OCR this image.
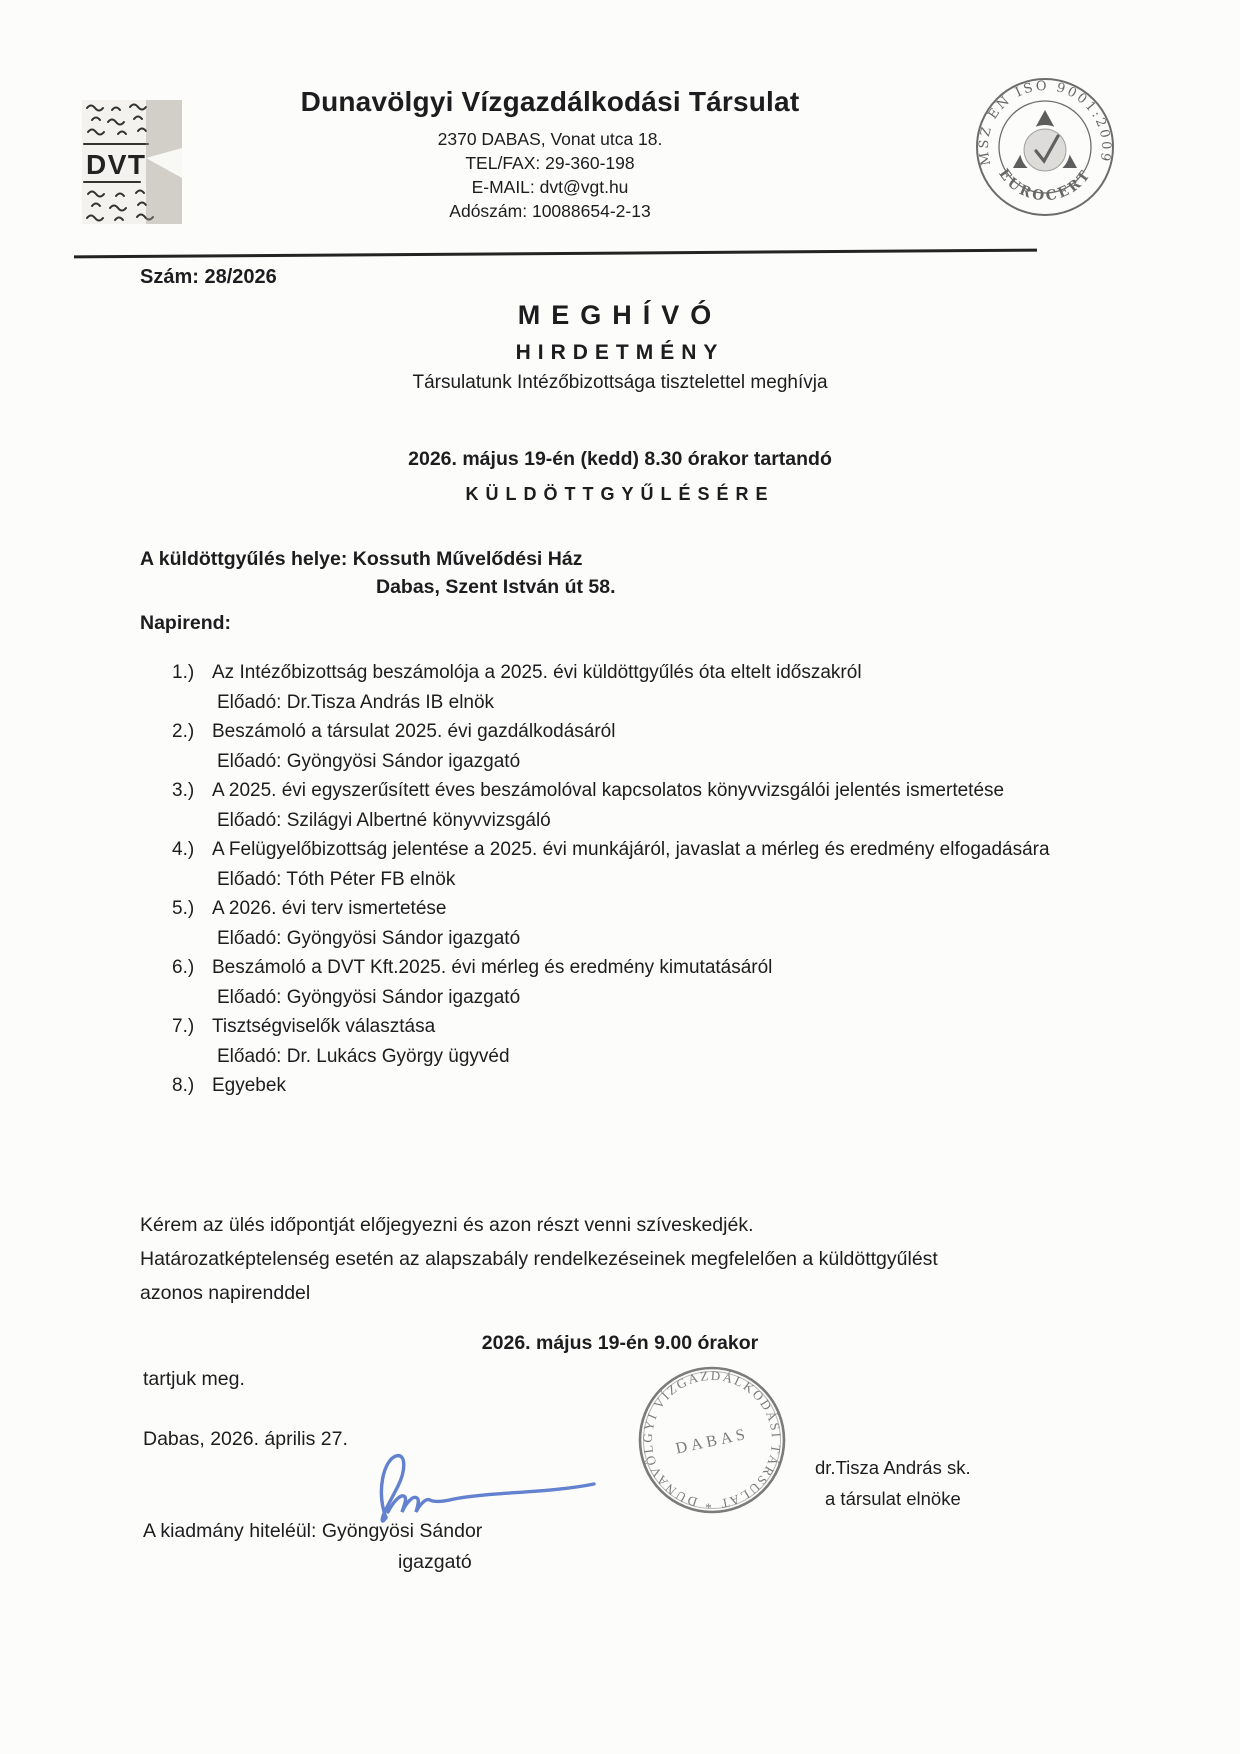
DVT
Dunavölgyi Vízgazdálkodási Társulat
2370 DABAS, Vonat utca 18.
TEL/FAX: 29-360-198
E-MAIL: dvt@vgt.hu
Adószám: 10088654-2-13
MSZ EN ISO 9001:2009
EUROCERT
Szám: 28/2026
MEGHÍVÓ
HIRDETMÉNY
Társulatunk Intézőbizottsága tisztelettel meghívja
2026. május 19-én (kedd) 8.30 órakor tartandó
KÜLDÖTTGYŰLÉSÉRE
A küldöttgyűlés helye: Kossuth Művelődési Ház
Dabas, Szent István út 58.
Napirend:
1.) Az Intézőbizottság beszámolója a 2025. évi küldöttgyűlés óta eltelt időszakról
Előadó: Dr.Tisza András IB elnök
2.) Beszámoló a társulat 2025. évi gazdálkodásáról
Előadó: Gyöngyösi Sándor igazgató
3.) A 2025. évi egyszerűsített éves beszámolóval kapcsolatos könyvvizsgálói jelentés ismertetése
Előadó: Szilágyi Albertné könyvvizsgáló
4.) A Felügyelőbizottság jelentése a 2025. évi munkájáról, javaslat a mérleg és eredmény elfogadására
Előadó: Tóth Péter FB elnök
5.) A 2026. évi terv ismertetése
Előadó: Gyöngyösi Sándor igazgató
6.) Beszámoló a DVT Kft.2025. évi mérleg és eredmény kimutatásáról
Előadó: Gyöngyösi Sándor igazgató
7.) Tisztségviselők választása
Előadó: Dr. Lukács György ügyvéd
8.) Egyebek
Kérem az ülés időpontját előjegyezni és azon részt venni szíveskedjék.
Határozatképtelenség esetén az alapszabály rendelkezéseinek megfelelően a küldöttgyűlést
azonos napirenddel
2026. május 19-én 9.00 órakor
tartjuk meg.
Dabas, 2026. április 27.
* DUNAVÖLGYI VÍZGAZDÁLKODÁSI TÁRSULAT
DABAS
dr.Tisza András sk.
a társulat elnöke
A kiadmány hiteléül: Gyöngyösi Sándor
igazgató
